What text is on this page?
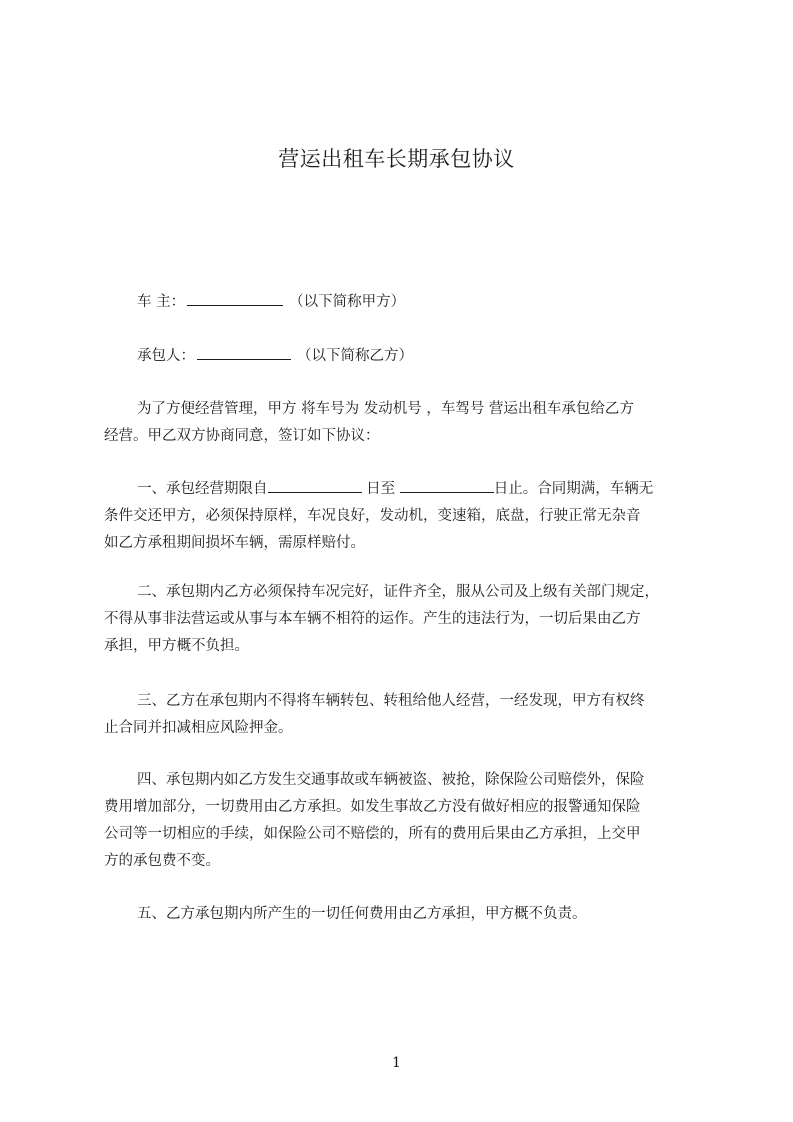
营运出租车长期承包协议
车 主：	（以下简称甲方）
承包人：	（以下简称乙方）
为了方便经营管理，甲方 将车号为 发动机号 ，车驾号 营运出租车承包给乙方
经营。甲乙双方协商同意，签订如下协议：
一、承包经营期限自	日至	日止。合同期满，车辆无
条件交还甲方，必须保持原样，车况良好，发动机，变速箱，底盘，行驶正常无杂音
如乙方承租期间损坏车辆，需原样赔付。
二、承包期内乙方必须保持车况完好，证件齐全，服从公司及上级有关部门规定，
不得从事非法营运或从事与本车辆不相符的运作。产生的违法行为，一切后果由乙方
承担，甲方概不负担。
三、乙方在承包期内不得将车辆转包、转租给他人经营，一经发现，甲方有权终
止合同并扣减相应风险押金。
四、承包期内如乙方发生交通事故或车辆被盗、被抢，除保险公司赔偿外，保险
费用增加部分，一切费用由乙方承担。如发生事故乙方没有做好相应的报警通知保险
公司等一切相应的手续，如保险公司不赔偿的，所有的费用后果由乙方承担，上交甲
方的承包费不变。
五、乙方承包期内所产生的一切任何费用由乙方承担，甲方概不负责。
1
